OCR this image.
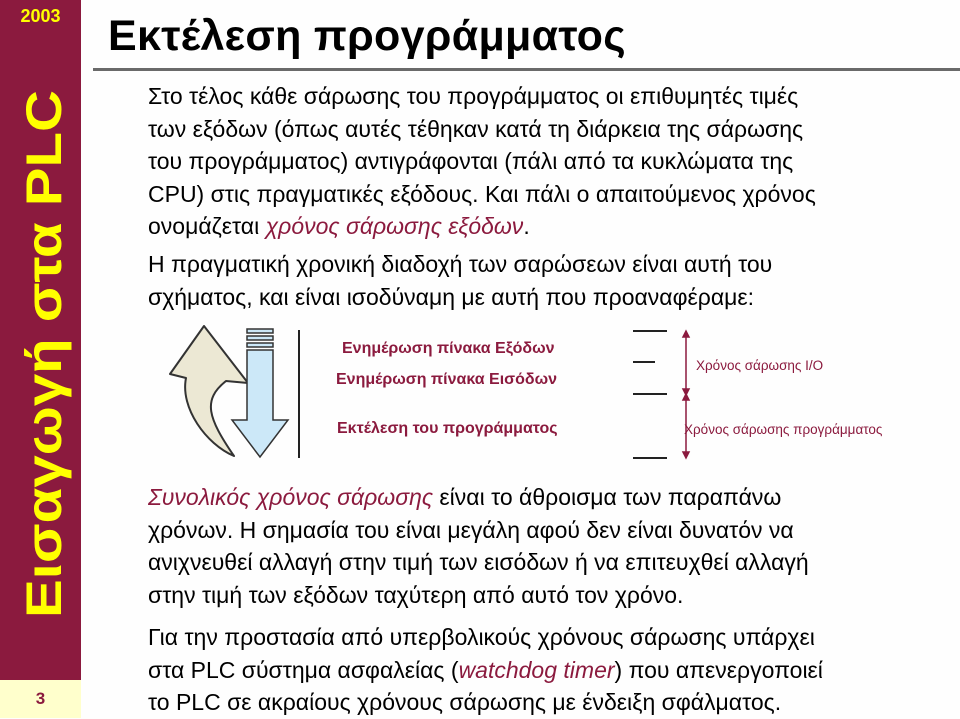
2003
Εισαγωγή στα PLC
3
Εκτέλεση προγράμματος
Στο τέλος κάθε σάρωσης του προγράμματος οι επιθυμητές τιμές
των εξόδων (όπως αυτές τέθηκαν κατά τη διάρκεια της σάρωσης
του προγράμματος) αντιγράφονται (πάλι από τα κυκλώματα της
CPU) στις πραγματικές εξόδους. Και πάλι ο απαιτούμενος χρόνος
ονομάζεται χρόνος σάρωσης εξόδων.
Η πραγματική χρονική διαδοχή των σαρώσεων είναι αυτή του
σχήματος, και είναι ισοδύναμη με αυτή που προαναφέραμε:
Ενημέρωση πίνακα Εξόδων
Ενημέρωση πίνακα Εισόδων
Εκτέλεση του προγράμματος
Χρόνος σάρωσης I/O
Χρόνος σάρωσης προγράμματος
Συνολικός χρόνος σάρωσης είναι το άθροισμα των παραπάνω
χρόνων. Η σημασία του είναι μεγάλη αφού δεν είναι δυνατόν να
ανιχνευθεί αλλαγή στην τιμή των εισόδων ή να επιτευχθεί αλλαγή
στην τιμή των εξόδων ταχύτερη από αυτό τον χρόνο.
Για την προστασία από υπερβολικούς χρόνους σάρωσης υπάρχει
στα PLC σύστημα ασφαλείας (watchdog timer) που απενεργοποιεί
το PLC σε ακραίους χρόνους σάρωσης με ένδειξη σφάλματος.
